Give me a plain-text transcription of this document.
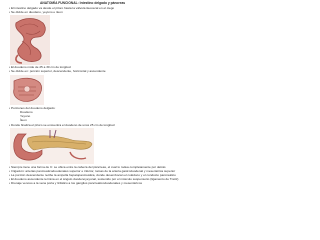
ANATOMÍA FUNCIONAL: Intestino delgado y páncreas
• El intestino delgado va desde el píloro hasta la válvula ileocecal en el ciego
• Se divide en duodeno, yeyuno e íleon
• El duodeno mide de 25 a 30 cm de longitud
• Se divide en: porción superior, descendente, horizontal y ascendente
• Porciones del duodeno delgado:
Duodeno
Yeyuno
Íleon
• Donde finaliza el píloro se encuentra el duodeno de unos 25 cm de longitud
• Siempre tiene una forma de C: se ubica entre la cabeza del páncreas, el cual lo rodea completamente por detrás
• Irrigación: arterias pancreaticoduodenales superior e inferior, ramas de la arteria gastroduodenal y mesentérica superior
• La porción descendente recibe la ampolla hepatopancreática, donde desembocan el colédoco y el conducto pancreático
• El duodeno ascendente termina en el ángulo duodenoyeyunal, sostenido por el músculo suspensorio (ligamento de Treitz)
• Drenaje venoso a la vena porta y linfático a los ganglios pancreaticoduodenales y mesentéricos
